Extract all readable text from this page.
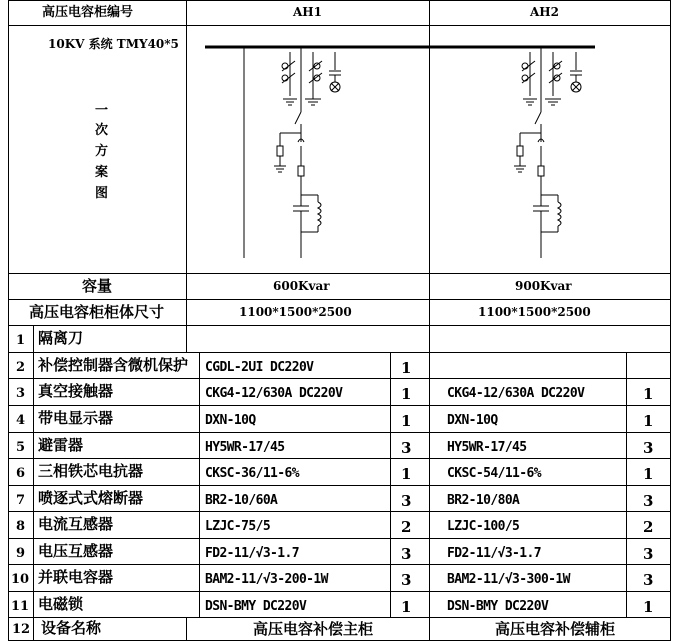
高压电容柜编号	AH1	AH2
10KV 系统 TMY40*5
一
次
方
案
图
容量	600Kvar	900Kvar
高压电容柜柜体尺寸	1100*1500*2500	1100*1500*2500
1 隔离刀
2 补偿控制器含微机保护 CGDL-2UI DC220V	1
3 真空接触器	CKG4-12/630A DC220V	1	CKG4-12/630A DC220V	1
4 带电显示器	DXN-10Q	1	DXN-10Q	1
5 避雷器	HY5WR-17/45	3	HY5WR-17/45	3
6 三相铁芯电抗器	CKSC-36/11-6%	1	CKSC-54/11-6%	1
7 喷逐式式熔断器	BR2-10/60A	3	BR2-10/80A	3
8 电流互感器	LZJC-75/5	2	LZJC-100/5	2
9 电压互感器	FD2-11/√3-1.7	3	FD2-11/√3-1.7	3
10 并联电容器	BAM2-11/√3-200-1W	3	BAM2-11/√3-300-1W	3
11 电磁锁	DSN-BMY DC220V	1	DSN-BMY DC220V	1
12 设备名称	高压电容补偿主柜	高压电容补偿辅柜
